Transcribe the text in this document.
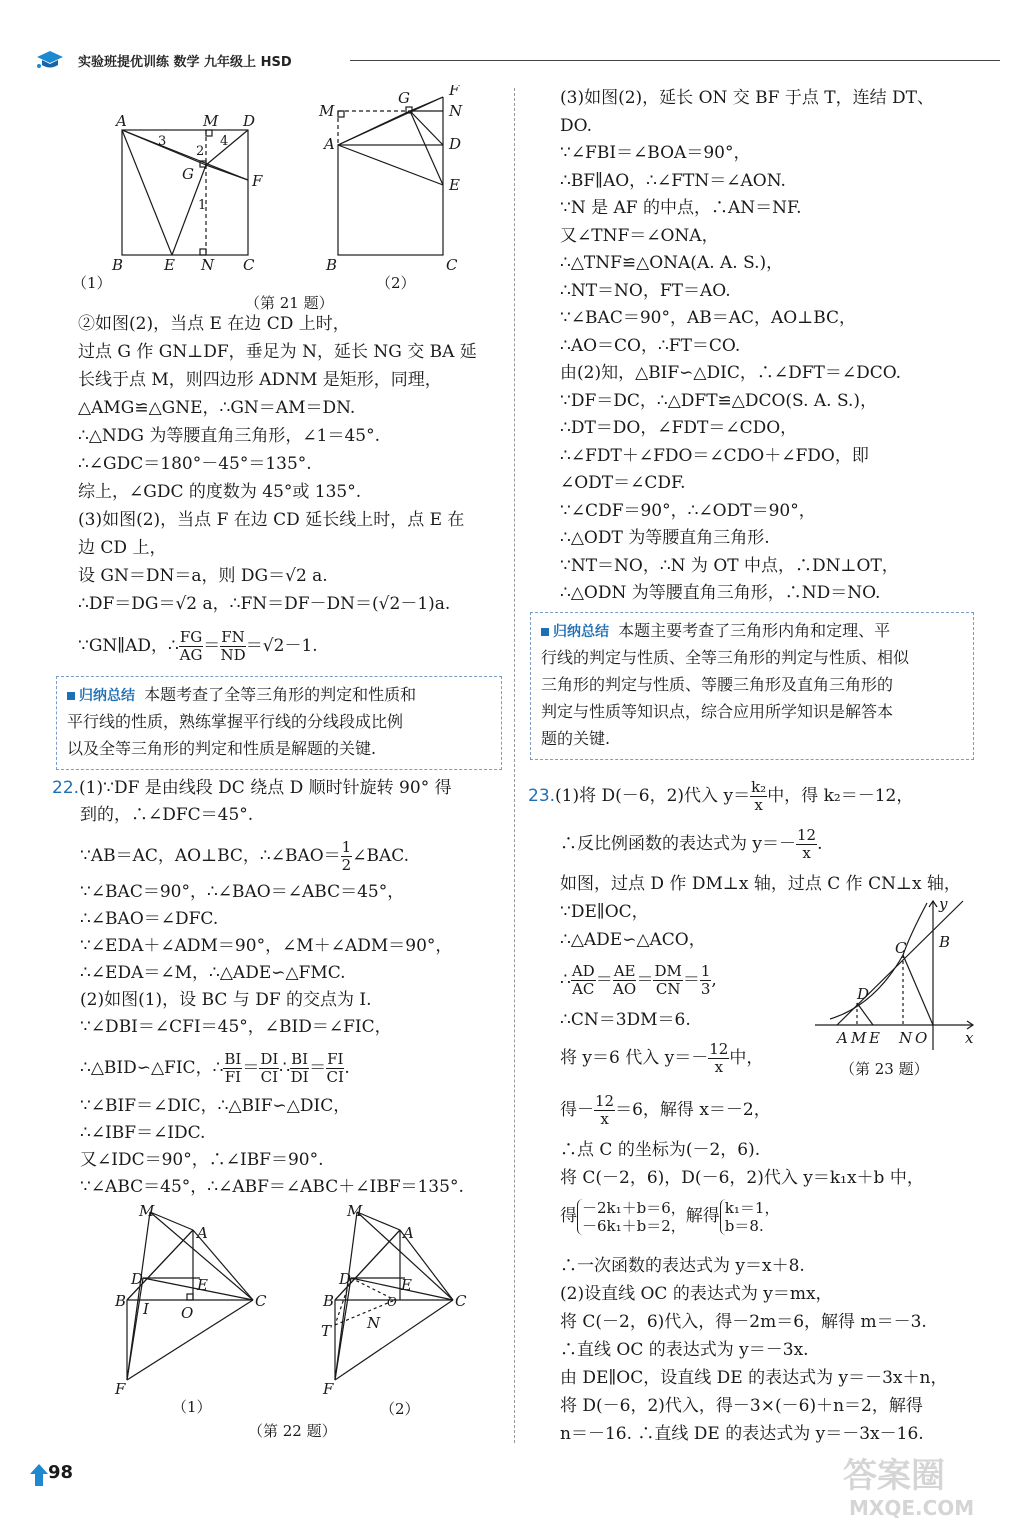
实验班提优训练 数学 九年级上 HSD
A	M D
G	F
B	E N C
1
2
3	4
M
G	F
N
A	D
E
B	C
（1）	（2）
（第 21 题）
②如图(2)，当点 E 在边 CD 上时，
过点 G 作 GN⊥DF，垂足为 N，延长 NG 交 BA 延
长线于点 M，则四边形 ADNM 是矩形，同理，
△AMG≌△GNE，∴GN＝AM＝DN.
∴△NDG 为等腰直角三角形，∠1＝45°.
∴∠GDC＝180°－45°＝135°.
综上，∠GDC 的度数为 45°或 135°.
(3)如图(2)，当点 F 在边 CD 延长线上时，点 E 在
边 CD 上，
设 GN＝DN＝a，则 DG＝√2 a.
∴DF＝DG＝√2 a，∴FN＝DF－DN＝(√2－1)a.
∵GN∥AD，∴ $\frac{FG}{AG} = \frac{FN}{ND} =√2-1$.
归纳总结 本题考查了全等三角形的判定和性质和
平行线的性质，熟练掌握平行线的分线段成比例
以及全等三角形的判定和性质是解题的关键.
22.(1)∵DF 是由线段 DC 绕点 D 顺时针旋转 90° 得
到的，∴∠DFC＝45°.
∵AB＝AC，AO⊥BC，∴∠BAO＝ $\frac{1}{2}$ ∠BAC.
∵∠BAC＝90°，∴∠BAO＝∠ABC＝45°，
∴∠BAO＝∠DFC.
∵∠EDA＋∠ADM＝90°，∠M＋∠ADM＝90°，
∴∠EDA＝∠M，∴△ADE∽△FMC.
(2)如图(1)，设 BC 与 DF 的交点为 I.
∵∠DBI＝∠CFI＝45°，∠BID＝∠FIC，
∴△BID∽△FIC，∴ $\frac{BI}{FI} = \frac{DI}{CI}$ ∴ $\frac{BI}{DI} = \frac{FI}{CI}$ .
∵∠BIF＝∠DIC，∴△BIF∽△DIC，
∴∠IBF＝∠IDC.
又∠IDC＝90°，∴∠IBF＝90°.
∵∠ABC＝45°，∴∠ABF＝∠ABC＋∠IBF＝135°.
M
A
D	E
B I O
C
F
M
A
D	E
B	O	C
T N
F
（1）	（2）
（第 22 题）
(3)如图(2)，延长 ON 交 BF 于点 T，连结 DT、
DO.
∵∠FBI＝∠BOA＝90°，
∴BF∥AO，∴∠FTN＝∠AON.
∵N 是 AF 的中点，∴AN＝NF.
又∠TNF＝∠ONA，
∴△TNF≌△ONA(A. A. S.)，
∴NT＝NO，FT＝AO.
∵∠BAC＝90°，AB＝AC，AO⊥BC，
∴AO＝CO，∴FT＝CO.
由(2)知，△BIF∽△DIC，∴∠DFT＝∠DCO.
∵DF＝DC，∴△DFT≌△DCO(S. A. S.)，
∴DT＝DO，∠FDT＝∠CDO，
∴∠FDT＋∠FDO＝∠CDO＋∠FDO，即
∠ODT＝∠CDF.
∵∠CDF＝90°，∴∠ODT＝90°，
∴△ODT 为等腰直角三角形.
∵NT＝NO，∴N 为 OT 中点，∴DN⊥OT，
∴△ODN 为等腰直角三角形，∴ND＝NO.
归纳总结 本题主要考查了三角形内角和定理、平
行线的判定与性质、全等三角形的判定与性质、相似
三角形的判定与性质、等腰三角形及直角三角形的
判定与性质等知识点，综合应用所学知识是解答本
题的关键.
23.(1)将 D(－6，2)代入 $y= \frac{\text{k₂}}{x}$ 中，得 k₂＝－12，
∴反比例函数的表达式为 $y=- \frac{12}{x}$ .
如图，过点 D 作 DM⊥x 轴，过点 C 作 CN⊥x 轴，
∵DE∥OC，
∴△ADE∽△ACO，
∴ $\frac{AD}{AC} = \frac{AE}{AO} = \frac{DM}{CN} = \frac{1}{3}$ ,
∴CN＝3DM＝6.
将 y＝6 代入 $y=- \frac{12}{x}$ 中，
得－ $\frac{12}{x} =6$，解得 x＝－2，
∴点 C 的坐标为(－2，6).
将 C(－2，6)，D(－6，2)代入 y＝k₁x＋b 中，
得 －2k₁＋b＝6，
－6k₁＋b＝2， 解得 k₁＝1，
b＝8.
∴一次函数的表达式为 y＝x＋8.
(2)设直线 OC 的表达式为 y＝mx，
将 C(－2，6)代入，得－2m＝6，解得 m＝－3.
∴直线 OC 的表达式为 y＝－3x.
由 DE∥OC，设直线 DE 的表达式为 y＝－3x＋n，
将 D(－6，2)代入，得－3×(－6)＋n＝2，解得
n＝－16. ∴直线 DE 的表达式为 y＝－3x－16.
y
B
C
D
A M E N O	x
（第 23 题）
98	答案圈
MXQE.COM
